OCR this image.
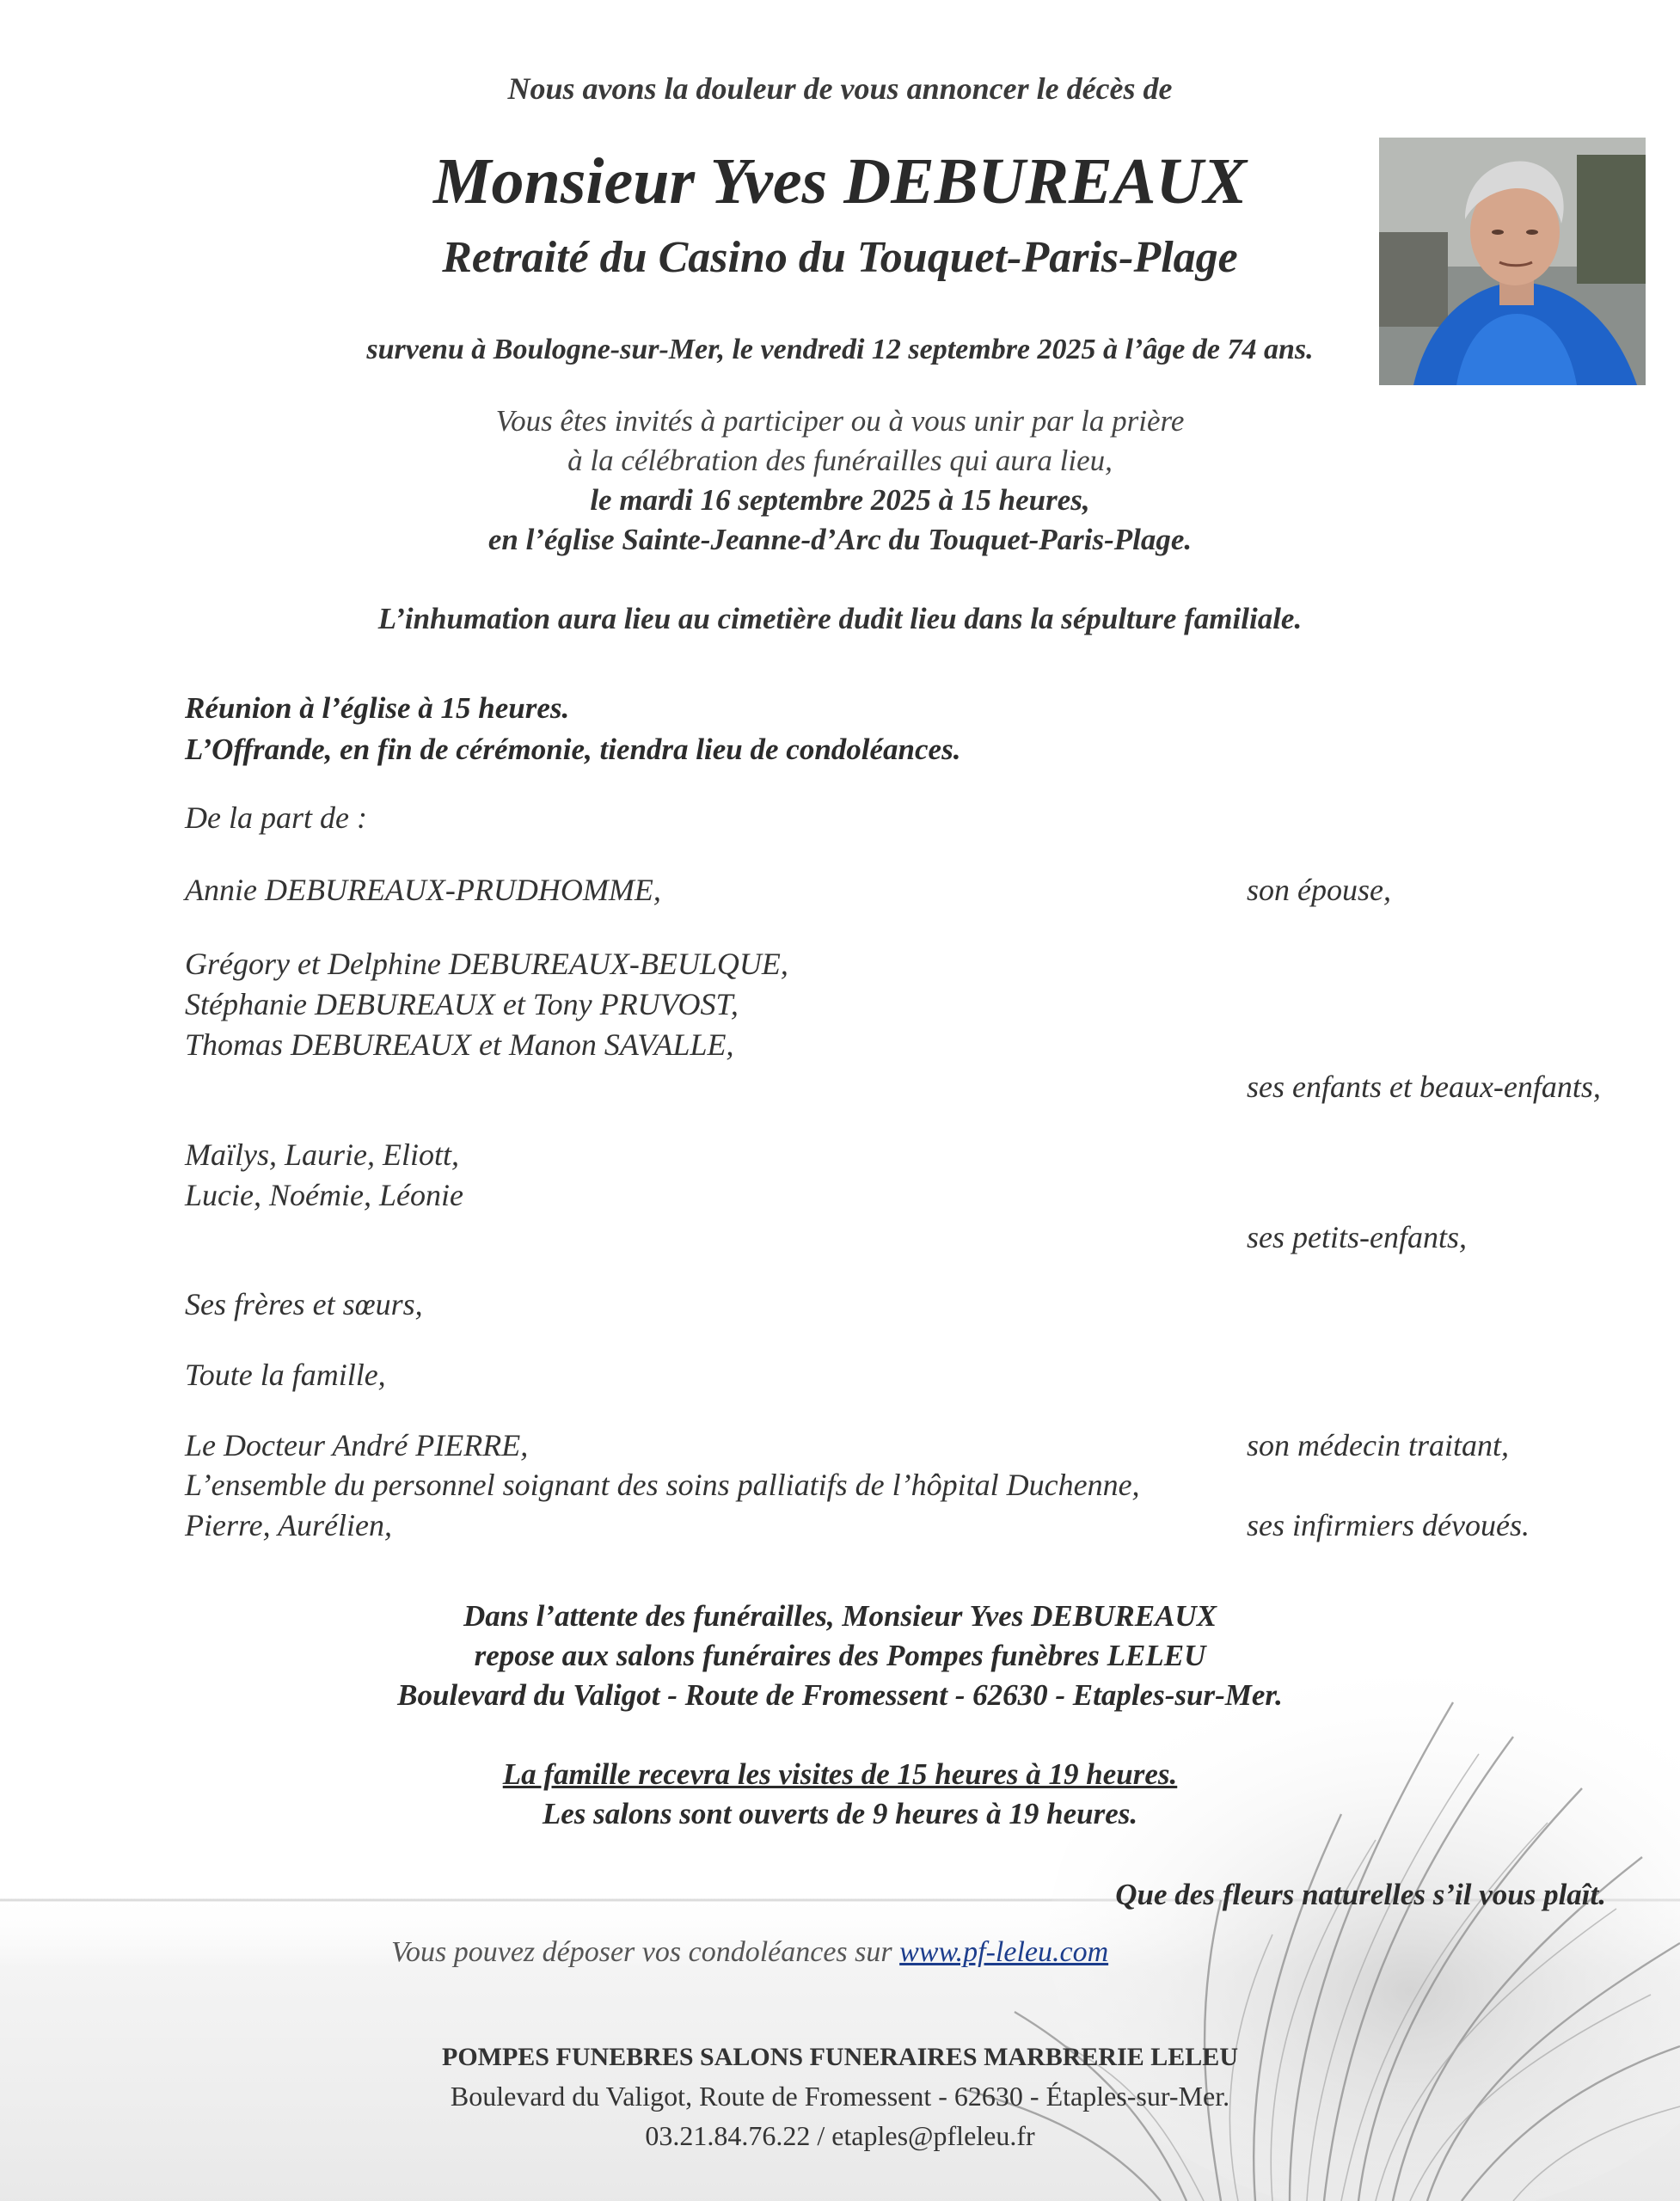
Nous avons la douleur de vous annoncer le décès de
Monsieur Yves DEBUREAUX
Retraité du Casino du Touquet-Paris-Plage
survenu à Boulogne-sur-Mer, le vendredi 12 septembre 2025 à l’âge de 74 ans.
Vous êtes invités à participer ou à vous unir par la prière
à la célébration des funérailles qui aura lieu,
le mardi 16 septembre 2025 à 15 heures,
en l’église Sainte-Jeanne-d’Arc du Touquet-Paris-Plage.
L’inhumation aura lieu au cimetière dudit lieu dans la sépulture familiale.
Réunion à l’église à 15 heures.
L’Offrande, en fin de cérémonie, tiendra lieu de condoléances.
De la part de :
Annie DEBUREAUX-PRUDHOMME,	son épouse,
Grégory et Delphine DEBUREAUX-BEULQUE,
Stéphanie DEBUREAUX et Tony PRUVOST,
Thomas DEBUREAUX et Manon SAVALLE,
ses enfants et beaux-enfants,
Maïlys, Laurie, Eliott,
Lucie, Noémie, Léonie
ses petits-enfants,
Ses frères et sœurs,
Toute la famille,
Le Docteur André PIERRE,	son médecin traitant,
L’ensemble du personnel soignant des soins palliatifs de l’hôpital Duchenne,
Pierre, Aurélien,	ses infirmiers dévoués.
Dans l’attente des funérailles, Monsieur Yves DEBUREAUX
repose aux salons funéraires des Pompes funèbres LELEU
Boulevard du Valigot - Route de Fromessent - 62630 - Etaples-sur-Mer.
La famille recevra les visites de 15 heures à 19 heures.
Les salons sont ouverts de 9 heures à 19 heures.
Que des fleurs naturelles s’il vous plaît.
Vous pouvez déposer vos condoléances sur www.pf-leleu.com
POMPES FUNEBRES SALONS FUNERAIRES MARBRERIE LELEU
Boulevard du Valigot, Route de Fromessent - 62630 - Étaples-sur-Mer.
03.21.84.76.22 / etaples@pfleleu.fr
